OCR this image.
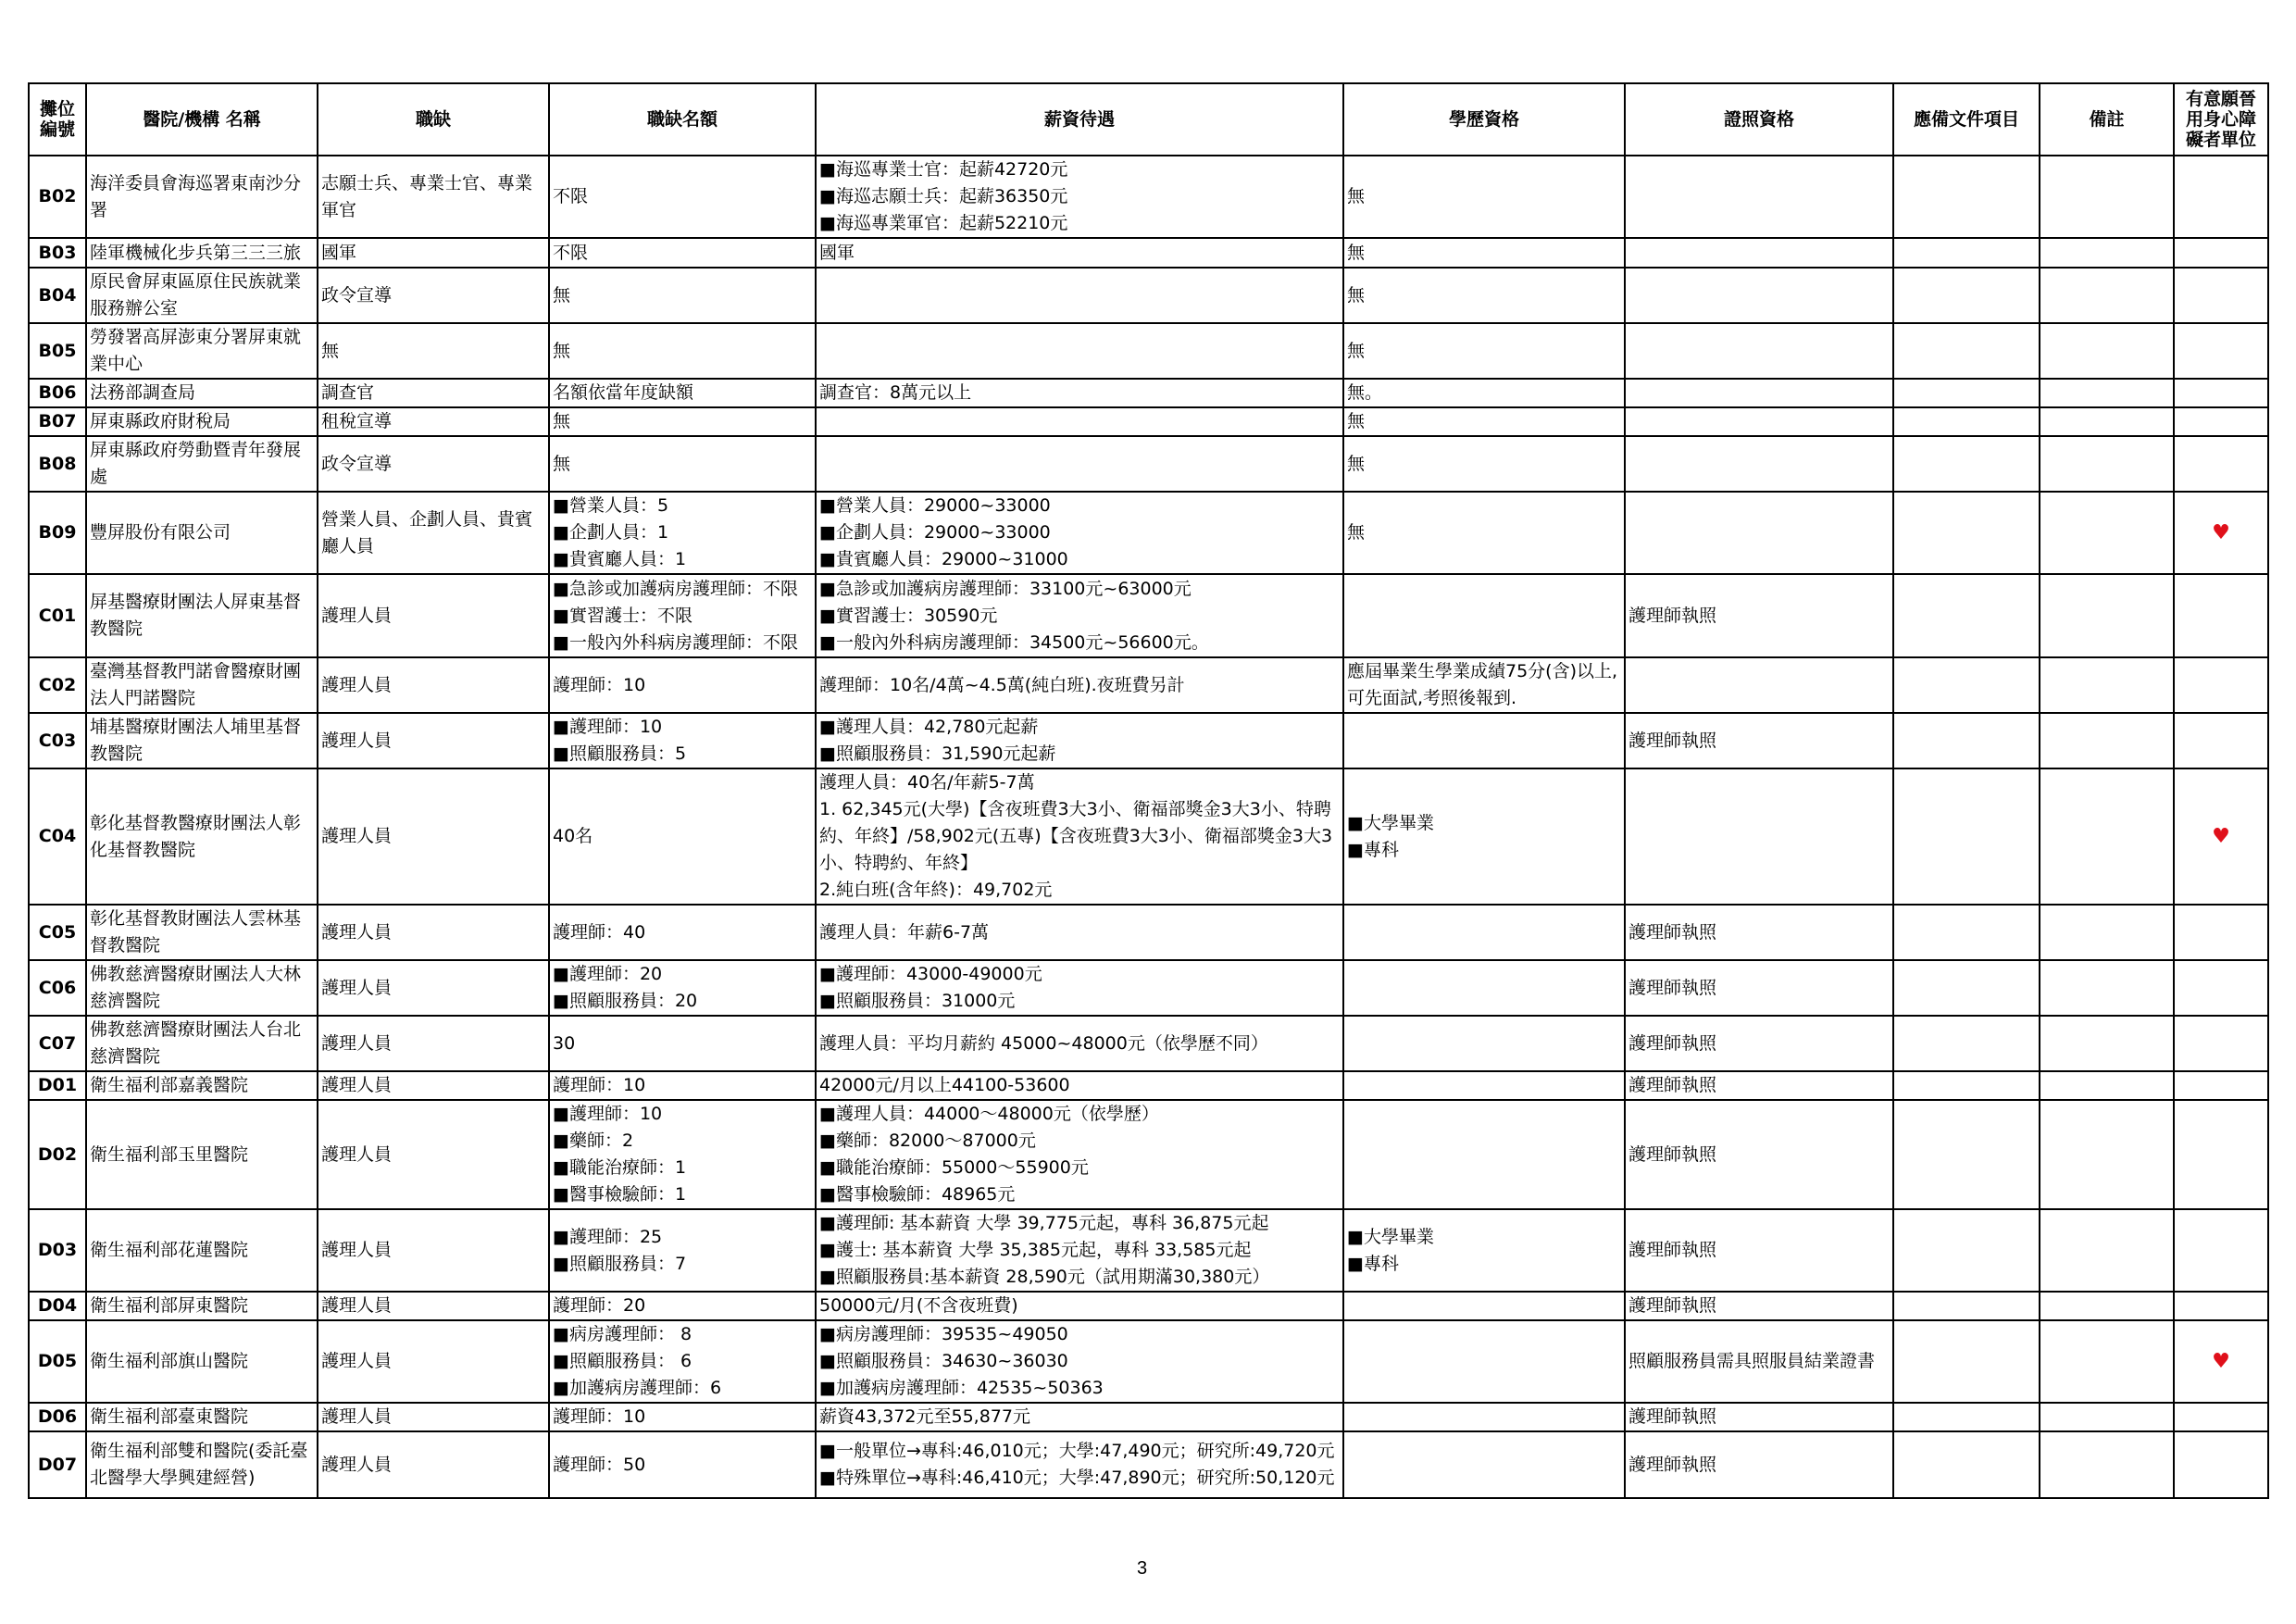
攤位
編號	醫院/機構 名稱	職缺	職缺名額	薪資待遇	學歷資格	證照資格	應備文件項目	備註	有意願晉
用身心障
礙者單位

B02	海洋委員會海巡署東南沙分署	志願士兵、專業士官、專業軍官	不限	■海巡專業士官：起薪42720元
■海巡志願士兵：起薪36350元
■海巡專業軍官：起薪52210元	無				
B03	陸軍機械化步兵第三三三旅	國軍	不限	國軍	無				
B04	原民會屏東區原住民族就業服務辦公室	政令宣導	無		無				
B05	勞發署高屏澎東分署屏東就業中心	無	無		無				
B06	法務部調查局	調查官	名額依當年度缺額	調查官：8萬元以上	無。				
B07	屏東縣政府財稅局	租稅宣導	無		無				
B08	屏東縣政府勞動暨青年發展處	政令宣導	無		無				
B09	豐屏股份有限公司	營業人員、企劃人員、貴賓廳人員	■營業人員：5
■企劃人員：1
■貴賓廳人員：1	■營業人員：29000~33000
■企劃人員：29000~33000
■貴賓廳人員：29000~31000	無				♥
C01	屏基醫療財團法人屏東基督教醫院	護理人員	■急診或加護病房護理師：不限
■實習護士：不限
■一般內外科病房護理師：不限	■急診或加護病房護理師：33100元~63000元
■實習護士：30590元
■一般內外科病房護理師：34500元~56600元。		護理師執照			
C02	臺灣基督教門諾會醫療財團法人門諾醫院	護理人員	護理師：10	護理師：10名/4萬~4.5萬(純白班).夜班費另計	應屆畢業生學業成績75分(含)以上,可先面試,考照後報到.				
C03	埔基醫療財團法人埔里基督教醫院	護理人員	■護理師：10
■照顧服務員：5	■護理人員：42,780元起薪
■照顧服務員：31,590元起薪		護理師執照			
C04	彰化基督教醫療財團法人彰化基督教醫院	護理人員	40名	護理人員：40名/年薪5-7萬
1. 62,345元(大學)【含夜班費3大3小、衛福部獎金3大3小、特聘約、年終】/58,902元(五專)【含夜班費3大3小、衛福部獎金3大3小、特聘約、年終】
2.純白班(含年終)：49,702元	■大學畢業
■專科				♥
C05	彰化基督教財團法人雲林基督教醫院	護理人員	護理師：40	護理人員：年薪6-7萬		護理師執照			
C06	佛教慈濟醫療財團法人大林慈濟醫院	護理人員	■護理師：20
■照顧服務員：20	■護理師：43000-49000元
■照顧服務員：31000元		護理師執照			
C07	佛教慈濟醫療財團法人台北慈濟醫院	護理人員	30	護理人員：平均月薪約 45000~48000元（依學歷不同）		護理師執照			
D01	衛生福利部嘉義醫院	護理人員	護理師：10	42000元/月以上44100-53600		護理師執照			
D02	衛生福利部玉里醫院	護理人員	■護理師：10
■藥師：2
■職能治療師：1
■醫事檢驗師：1	■護理人員：44000～48000元（依學歷）
■藥師：82000～87000元
■職能治療師：55000～55900元
■醫事檢驗師：48965元		護理師執照			
D03	衛生福利部花蓮醫院	護理人員	■護理師：25
■照顧服務員：7	■護理師: 基本薪資 大學 39,775元起，專科 36,875元起
■護士: 基本薪資 大學 35,385元起，專科 33,585元起
■照顧服務員:基本薪資 28,590元（試用期滿30,380元）	■大學畢業
■專科	護理師執照			
D04	衛生福利部屏東醫院	護理人員	護理師：20	50000元/月(不含夜班費)		護理師執照			
D05	衛生福利部旗山醫院	護理人員	■病房護理師： 8
■照顧服務員： 6
■加護病房護理師：6	■病房護理師：39535~49050
■照顧服務員：34630~36030
■加護病房護理師：42535~50363		照顧服務員需具照服員結業證書			♥
D06	衛生福利部臺東醫院	護理人員	護理師：10	薪資43,372元至55,877元		護理師執照			
D07	衛生福利部雙和醫院(委託臺北醫學大學興建經營)	護理人員	護理師：50	■一般單位→專科:46,010元；大學:47,490元；研究所:49,720元
■特殊單位→專科:46,410元；大學:47,890元；研究所:50,120元		護理師執照			
3
